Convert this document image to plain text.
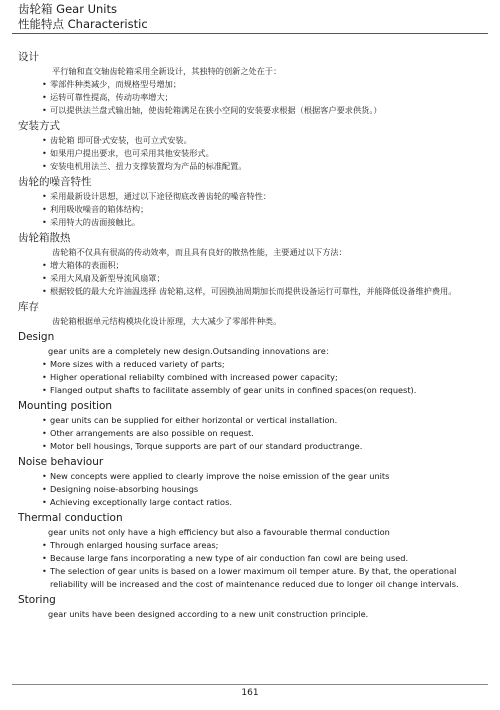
齿轮箱 Gear Units
性能特点 Characteristic
设计
平行轴和直交轴齿轮箱采用全新设计，其独特的创新之处在于：
• 零部件种类减少，而规格型号增加；
• 运转可靠性提高，传动功率增大；
• 可以提供法兰盘式输出轴，使齿轮箱满足在狭小空间的安装要求根据（根据客户要求供货。）
安装方式
• 齿轮箱 即可卧式安装，也可立式安装。
• 如果用户提出要求，也可采用其他安装形式。
• 安装电机用法兰、扭力支撑装置均为产品的标准配置。
齿轮的噪音特性
• 采用最新设计思想，通过以下途径彻底改善齿轮的噪音特性：
• 利用吸收噪音的箱体结构；
• 采用特大的齿面接触比。
齿轮箱散热
齿轮箱不仅具有很高的传动效率，而且具有良好的散热性能，主要通过以下方法：
• 增大箱体的表面积；
• 采用大风扇及新型导流风扇罩；
• 根据较低的最大允许油温选择 齿轮箱,这样，可因换油周期加长而提供设备运行可靠性，并能降低设备维护费用。
库存
齿轮箱根据单元结构模块化设计原理，大大减少了零部件种类。
Design
gear units are a completely new design.Outsanding innovations are：
• More sizes with a reduced variety of parts;
• Higher operational reliabilty combined with increased power capacity;
• Flanged output shafts to facilitate assembly of gear units in confined spaces(on request).
Mounting position
• gear units can be supplied for either horizontal or vertical installation.
• Other arrangements are also possible on request.
• Motor bell housings, Torque supports are part of our standard productrange.
Noise behaviour
• New concepts were applied to clearly improve the noise emission of the gear units
• Designing noise-absorbing housings
• Achieving exceptionally large contact ratios.
Thermal conduction
gear units not only have a high efficiency but also a favourable thermal conduction
• Through enlarged housing surface areas;
• Because large fans incorporating a new type of air conduction fan cowl are being used.
• The selection of gear units is based on a lower maximum oil temper ature. By that, the operational reliability will be increased and the cost of maintenance reduced due to longer oil change intervals.
Storing
gear units have been designed according to a new unit construction principle.
161
